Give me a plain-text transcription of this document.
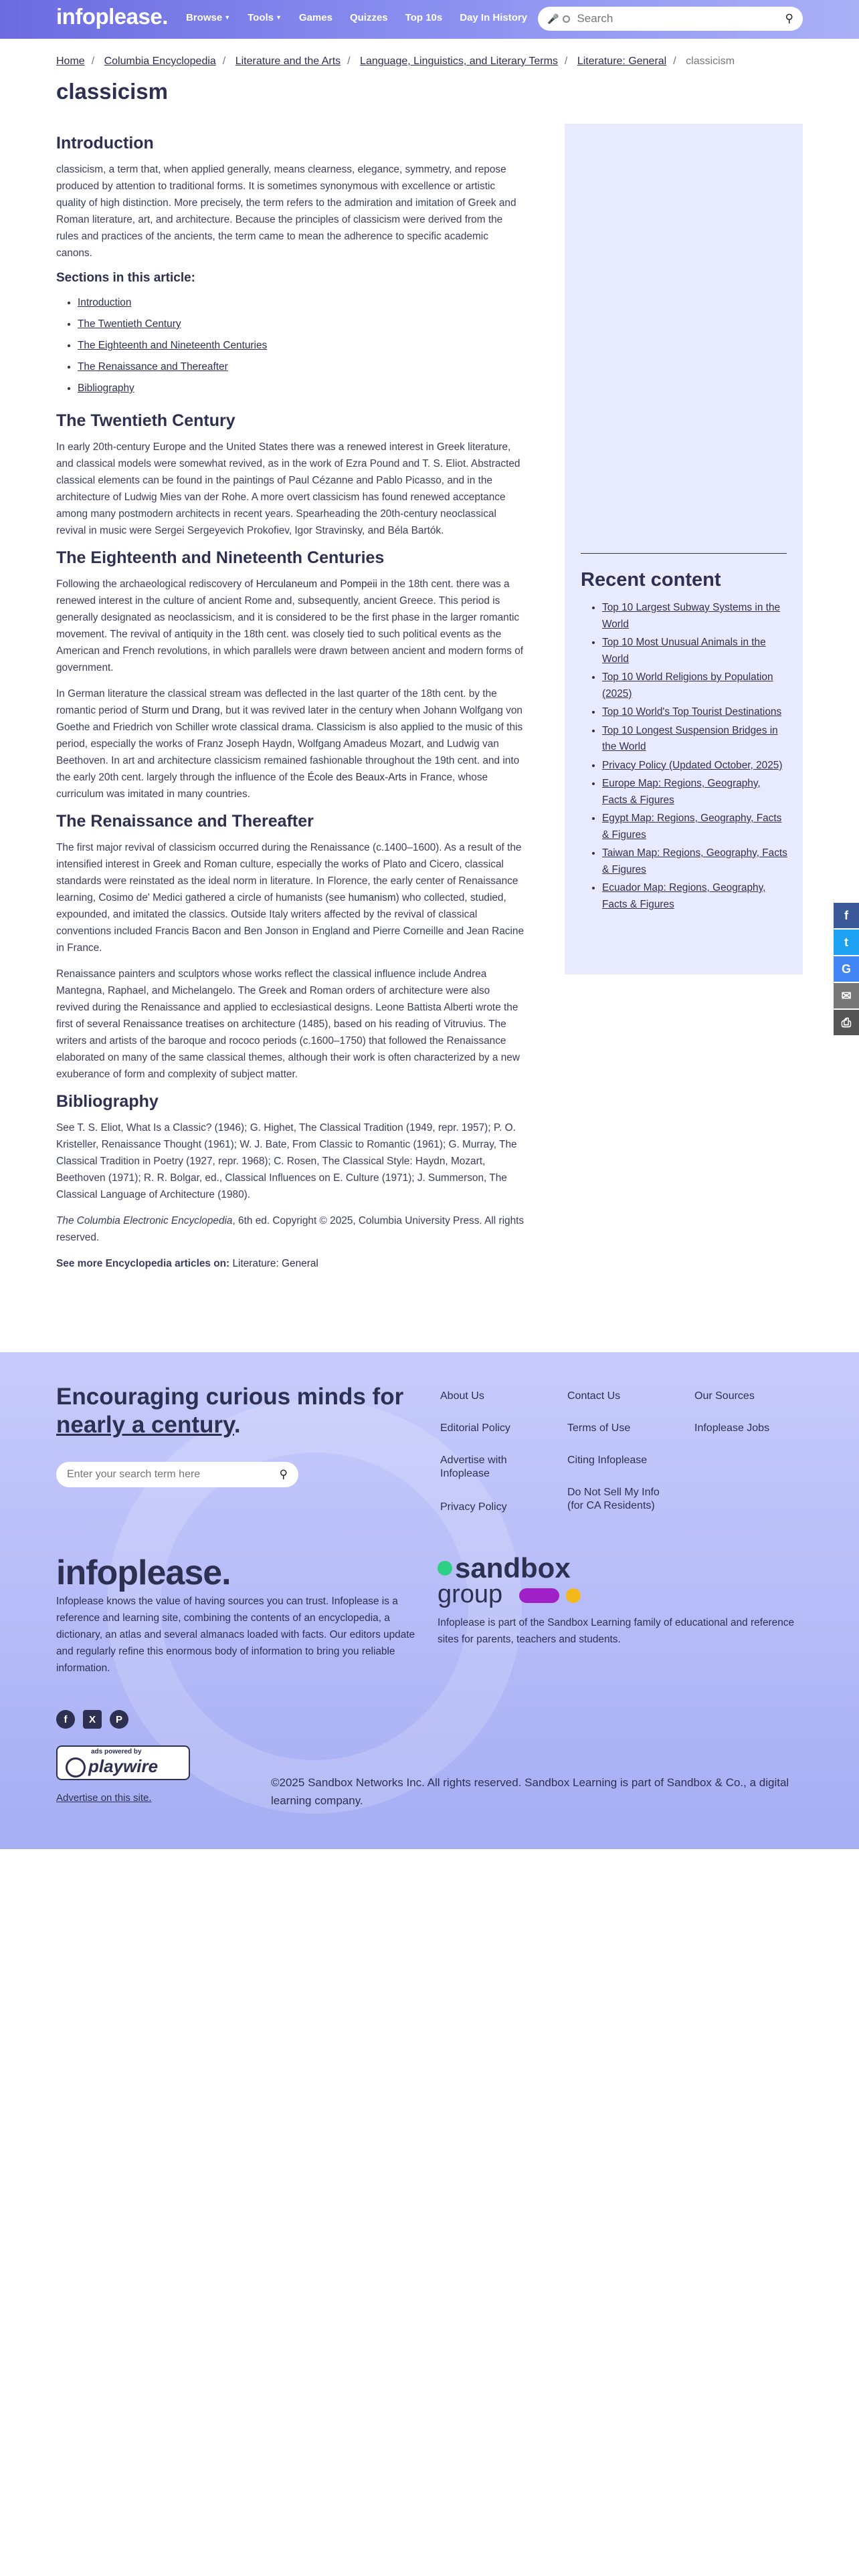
infoplease. Browse ▼ Tools ▼ Games Quizzes Top 10s Day In History 🎤
Search	⚲
Home / Columbia Encyclopedia / Literature and the Arts / Language, Linguistics, and Literary Terms / Literature: General / classicism
classicism
Introduction

classicism, a term that, when applied generally, means clearness, elegance, symmetry, and repose produced by attention to traditional forms. It is sometimes synonymous with excellence or artistic quality of high distinction. More precisely, the term refers to the admiration and imitation of Greek and Roman literature, art, and architecture. Because the principles of classicism were derived from the rules and practices of the ancients, the term came to mean the adherence to specific academic canons.

Sections in this article:
• Introduction
• The Twentieth Century
• The Eighteenth and Nineteenth Centuries
• The Renaissance and Thereafter
• Bibliography
The Twentieth Century

In early 20th-century Europe and the United States there was a renewed interest in Greek literature, and classical models were somewhat revived, as in the work of Ezra Pound and T. S. Eliot. Abstracted classical elements can be found in the paintings of Paul Cézanne and Pablo Picasso, and in the architecture of Ludwig Mies van der Rohe. A more overt classicism has found renewed acceptance among many postmodern architects in recent years. Spearheading the 20th-century neoclassical revival in music were Sergei Sergeyevich Prokofiev, Igor Stravinsky, and Béla Bartók.

The Eighteenth and Nineteenth Centuries

Following the archaeological rediscovery of Herculaneum and Pompeii in the 18th cent. there was a renewed interest in the culture of ancient Rome and, subsequently, ancient Greece. This period is generally designated as neoclassicism, and it is considered to be the first phase in the larger romantic movement. The revival of antiquity in the 18th cent. was closely tied to such political events as the American and French revolutions, in which parallels were drawn between ancient and modern forms of government.

In German literature the classical stream was deflected in the last quarter of the 18th cent. by the romantic period of Sturm und Drang, but it was revived later in the century when Johann Wolfgang von Goethe and Friedrich von Schiller wrote classical drama. Classicism is also applied to the music of this period, especially the works of Franz Joseph Haydn, Wolfgang Amadeus Mozart, and Ludwig van Beethoven. In art and architecture classicism remained fashionable throughout the 19th cent. and into the early 20th cent. largely through the influence of the École des Beaux-Arts in France, whose curriculum was imitated in many countries.

The Renaissance and Thereafter

The first major revival of classicism occurred during the Renaissance (c.1400–1600). As a result of the intensified interest in Greek and Roman culture, especially the works of Plato and Cicero, classical standards were reinstated as the ideal norm in literature. In Florence, the early center of Renaissance learning, Cosimo de' Medici gathered a circle of humanists (see humanism) who collected, studied, expounded, and imitated the classics. Outside Italy writers affected by the revival of classical conventions included Francis Bacon and Ben Jonson in England and Pierre Corneille and Jean Racine in France.

Renaissance painters and sculptors whose works reflect the classical influence include Andrea Mantegna, Raphael, and Michelangelo. The Greek and Roman orders of architecture were also revived during the Renaissance and applied to ecclesiastical designs. Leone Battista Alberti wrote the first of several Renaissance treatises on architecture (1485), based on his reading of Vitruvius. The writers and artists of the baroque and rococo periods (c.1600–1750) that followed the Renaissance elaborated on many of the same classical themes, although their work is often characterized by a new exuberance of form and complexity of subject matter.

Bibliography

See T. S. Eliot, What Is a Classic? (1946); G. Highet, The Classical Tradition (1949, repr. 1957); P. O. Kristeller, Renaissance Thought (1961); W. J. Bate, From Classic to Romantic (1961); G. Murray, The Classical Tradition in Poetry (1927, repr. 1968); C. Rosen, The Classical Style: Haydn, Mozart, Beethoven (1971); R. R. Bolgar, ed., Classical Influences on E. Culture (1971); J. Summerson, The Classical Language of Architecture (1980).

The Columbia Electronic Encyclopedia, 6th ed. Copyright © 2025, Columbia University Press. All rights reserved.

See more Encyclopedia articles on: Literature: General

Recent content
• Top 10 Largest Subway Systems in the World
• Top 10 Most Unusual Animals in the World
• Top 10 World Religions by Population (2025)
• Top 10 World's Top Tourist Destinations
• Top 10 Longest Suspension Bridges in the World
• Privacy Policy (Updated October, 2025)
• Europe Map: Regions, Geography, Facts & Figures
• Egypt Map: Regions, Geography, Facts & Figures
• Taiwan Map: Regions, Geography, Facts & Figures
• Ecuador Map: Regions, Geography, Facts & Figures
f
t
G
✉
⎙
Encouraging curious minds for nearly a century.
Enter your search term here
⚲
About Us	Contact Us	Our Sources
Editorial Policy	Terms of Use	Infoplease Jobs
Advertise with Infoplease
Citing Infoplease
Privacy Policy
Do Not Sell My Info (for CA Residents)
infoplease.
Infoplease knows the value of having sources you can trust. Infoplease is a reference and learning site, combining the contents of an encyclopedia, a dictionary, an atlas and several almanacs loaded with facts. Our editors update and regularly refine this enormous body of information to bring you reliable information.
sandbox
group
Infoplease is part of the Sandbox Learning family of educational and reference sites for parents, teachers and students.
f	X	P
ads powered by
playwire
Advertise on this site.
©2025 Sandbox Networks Inc. All rights reserved. Sandbox Learning is part of Sandbox & Co., a digital learning company.
